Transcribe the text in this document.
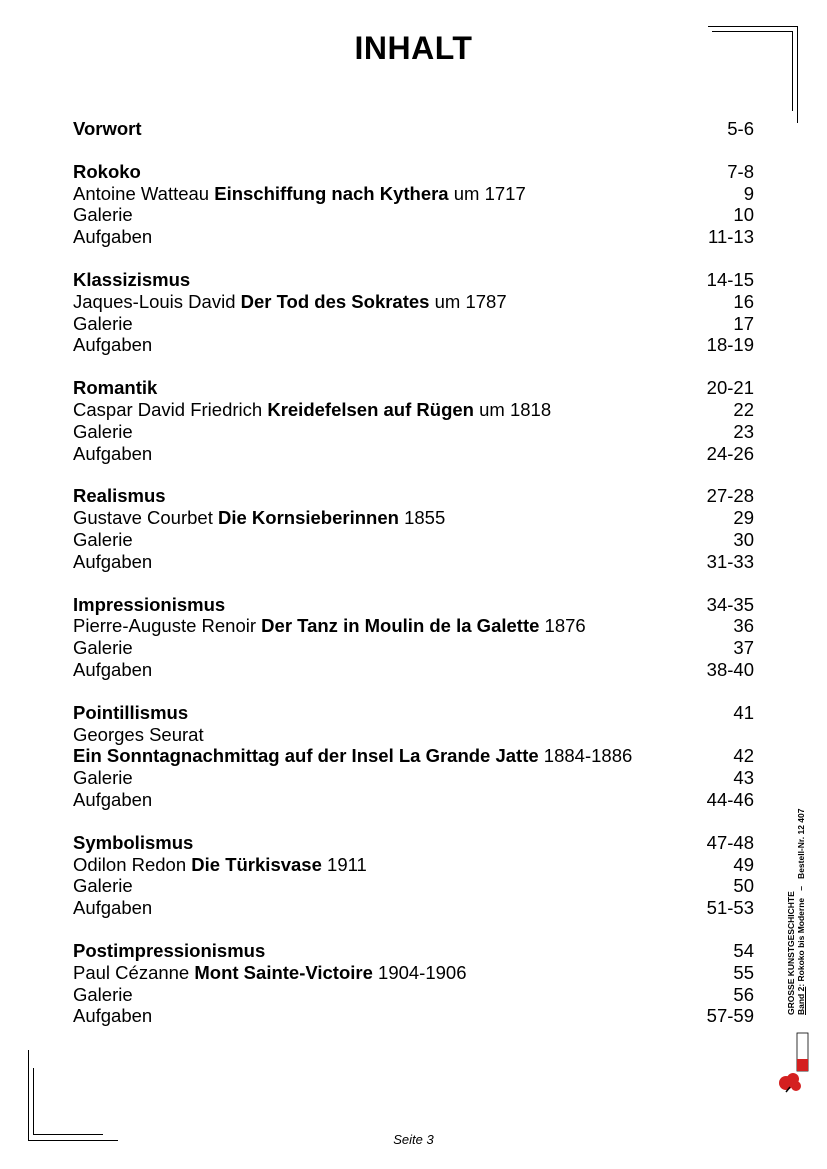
INHALT
Vorwort	5-6
Rokoko	7-8
Antoine Watteau Einschiffung nach Kythera um 1717	9
Galerie	10
Aufgaben	11-13
Klassizismus	14-15
Jaques-Louis David Der Tod des Sokrates um 1787	16
Galerie	17
Aufgaben	18-19
Romantik	20-21
Caspar David Friedrich Kreidefelsen auf Rügen um 1818	22
Galerie	23
Aufgaben	24-26
Realismus	27-28
Gustave Courbet Die Kornsieberinnen 1855	29
Galerie	30
Aufgaben	31-33
Impressionismus	34-35
Pierre-Auguste Renoir Der Tanz in Moulin de la Galette 1876	36
Galerie	37
Aufgaben	38-40
Pointillismus	41
Georges Seurat
Ein Sonntagnachmittag auf der Insel La Grande Jatte 1884-1886	42
Galerie	43
Aufgaben	44-46
Symbolismus	47-48
Odilon Redon Die Türkisvase 1911	49
Galerie	50
Aufgaben	51-53
Postimpressionismus	54
Paul Cézanne Mont Sainte-Victoire 1904-1906	55
Galerie	56
Aufgaben	57-59
GROSSE KUNSTGESCHICHTE Band 2: Rokoko bis Moderne   –   Bestell-Nr. 12 407
Seite 3
